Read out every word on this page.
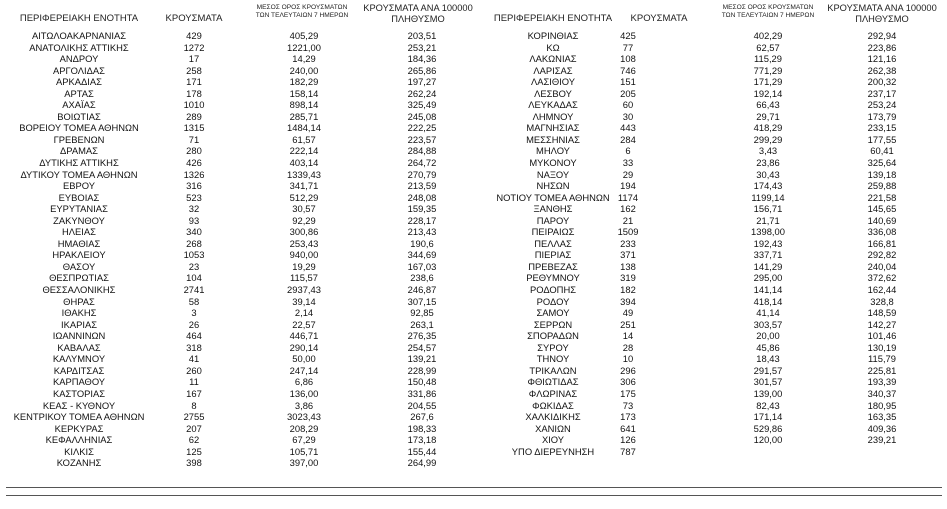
ΠΕΡΙΦΕΡΕΙΑΚΗ ΕΝΟΤΗΤΑ	ΚΡΟΥΣΜΑΤΑ
ΜΕΣΟΣ ΟΡΟΣ ΚΡΟΥΣΜΑΤΩΝ
ΤΩΝ ΤΕΛΕΥΤΑΙΩΝ 7 ΗΜΕΡΩΝ
ΚΡΟΥΣΜΑΤΑ ΑΝΑ 100000
ΠΛΗΘΥΣΜΟ
ΑΙΤΩΛΟΑΚΑΡΝΑΝΙΑΣ	429	405,29	203,51
ΑΝΑΤΟΛΙΚΗΣ ΑΤΤΙΚΗΣ	1272	1221,00	253,21
ΑΝΔΡΟΥ	17	14,29	184,36
ΑΡΓΟΛΙΔΑΣ	258	240,00	265,86
ΑΡΚΑΔΙΑΣ	171	182,29	197,27
ΑΡΤΑΣ	178	158,14	262,24
ΑΧΑΪΑΣ	1010	898,14	325,49
ΒΟΙΩΤΙΑΣ	289	285,71	245,08
ΒΟΡΕΙΟΥ ΤΟΜΕΑ ΑΘΗΝΩΝ	1315	1484,14	222,25
ΓΡΕΒΕΝΩΝ	71	61,57	223,57
ΔΡΑΜΑΣ	280	222,14	284,88
ΔΥΤΙΚΗΣ ΑΤΤΙΚΗΣ	426	403,14	264,72
ΔΥΤΙΚΟΥ ΤΟΜΕΑ ΑΘΗΝΩΝ	1326	1339,43	270,79
ΕΒΡΟΥ	316	341,71	213,59
ΕΥΒΟΙΑΣ	523	512,29	248,08
ΕΥΡΥΤΑΝΙΑΣ	32	30,57	159,35
ΖΑΚΥΝΘΟΥ	93	92,29	228,17
ΗΛΕΙΑΣ	340	300,86	213,43
ΗΜΑΘΙΑΣ	268	253,43	190,6
ΗΡΑΚΛΕΙΟΥ	1053	940,00	344,69
ΘΑΣΟΥ	23	19,29	167,03
ΘΕΣΠΡΩΤΙΑΣ	104	115,57	238,6
ΘΕΣΣΑΛΟΝΙΚΗΣ	2741	2937,43	246,87
ΘΗΡΑΣ	58	39,14	307,15
ΙΘΑΚΗΣ	3	2,14	92,85
ΙΚΑΡΙΑΣ	26	22,57	263,1
ΙΩΑΝΝΙΝΩΝ	464	446,71	276,35
ΚΑΒΑΛΑΣ	318	290,14	254,57
ΚΑΛΥΜΝΟΥ	41	50,00	139,21
ΚΑΡΔΙΤΣΑΣ	260	247,14	228,99
ΚΑΡΠΑΘΟΥ	11	6,86	150,48
ΚΑΣΤΟΡΙΑΣ	167	136,00	331,86
ΚΕΑΣ - ΚΥΘΝΟΥ	8	3,86	204,55
ΚΕΝΤΡΙΚΟΥ ΤΟΜΕΑ ΑΘΗΝΩΝ	2755	3023,43	267,6
ΚΕΡΚΥΡΑΣ	207	208,29	198,33
ΚΕΦΑΛΛΗΝΙΑΣ	62	67,29	173,18
ΚΙΛΚΙΣ	125	105,71	155,44
ΚΟΖΑΝΗΣ	398	397,00	264,99
ΠΕΡΙΦΕΡΕΙΑΚΗ ΕΝΟΤΗΤΑ	ΚΡΟΥΣΜΑΤΑ
ΜΕΣΟΣ ΟΡΟΣ ΚΡΟΥΣΜΑΤΩΝ
ΤΩΝ ΤΕΛΕΥΤΑΙΩΝ 7 ΗΜΕΡΩΝ
ΚΡΟΥΣΜΑΤΑ ΑΝΑ 100000
ΠΛΗΘΥΣΜΟ
ΚΟΡΙΝΘΙΑΣ	425	402,29	292,94
ΚΩ	77	62,57	223,86
ΛΑΚΩΝΙΑΣ	108	115,29	121,16
ΛΑΡΙΣΑΣ	746	771,29	262,38
ΛΑΣΙΘΙΟΥ	151	171,29	200,32
ΛΕΣΒΟΥ	205	192,14	237,17
ΛΕΥΚΑΔΑΣ	60	66,43	253,24
ΛΗΜΝΟΥ	30	29,71	173,79
ΜΑΓΝΗΣΙΑΣ	443	418,29	233,15
ΜΕΣΣΗΝΙΑΣ	284	299,29	177,55
ΜΗΛΟΥ	6	3,43	60,41
ΜΥΚΟΝΟΥ	33	23,86	325,64
ΝΑΞΟΥ	29	30,43	139,18
ΝΗΣΩΝ	194	174,43	259,88
ΝΟΤΙΟΥ ΤΟΜΕΑ ΑΘΗΝΩΝ 1174	1199,14	221,58
ΞΑΝΘΗΣ	162	156,71	145,65
ΠΑΡΟΥ	21	21,71	140,69
ΠΕΙΡΑΙΩΣ	1509	1398,00	336,08
ΠΕΛΛΑΣ	233	192,43	166,81
ΠΙΕΡΙΑΣ	371	337,71	292,82
ΠΡΕΒΕΖΑΣ	138	141,29	240,04
ΡΕΘΥΜΝΟΥ	319	295,00	372,62
ΡΟΔΟΠΗΣ	182	141,14	162,44
ΡΟΔΟΥ	394	418,14	328,8
ΣΑΜΟΥ	49	41,14	148,59
ΣΕΡΡΩΝ	251	303,57	142,27
ΣΠΟΡΑΔΩΝ	14	20,00	101,46
ΣΥΡΟΥ	28	45,86	130,19
ΤΗΝΟΥ	10	18,43	115,79
ΤΡΙΚΑΛΩΝ	296	291,57	225,81
ΦΘΙΩΤΙΔΑΣ	306	301,57	193,39
ΦΛΩΡΙΝΑΣ	175	139,00	340,37
ΦΩΚΙΔΑΣ	73	82,43	180,95
ΧΑΛΚΙΔΙΚΗΣ	173	171,14	163,35
ΧΑΝΙΩΝ	641	529,86	409,36
ΧΙΟΥ	126	120,00	239,21
ΥΠΟ ΔΙΕΡΕΥΝΗΣΗ	787
